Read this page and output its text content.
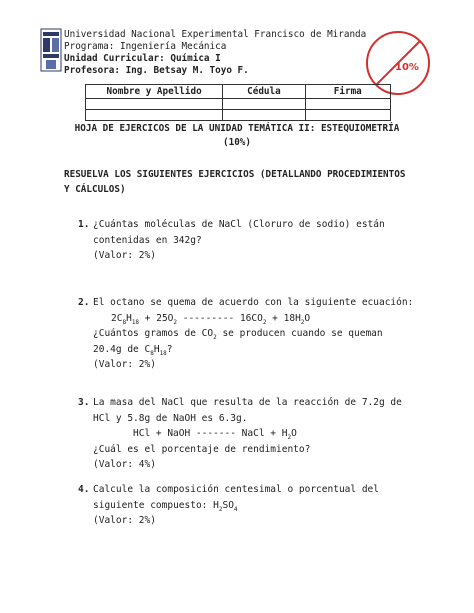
Universidad Nacional Experimental Francisco de Miranda
Programa: Ingeniería Mecánica
Unidad Curricular: Química I
Profesora: Ing. Betsay M. Toyo F.	10%
Nombre y Apellido	Cédula	Firma

HOJA DE EJERCICOS DE LA UNIDAD TEMÁTICA II: ESTEQUIOMETRÍA
(10%)
RESUELVA LOS SIGUIENTES EJERCICIOS (DETALLANDO PROCEDIMIENTOS Y CÁLCULOS)
1. ¿Cuántas moléculas de NaCl (Cloruro de sodio) están
contenidas en 342g?
(Valor: 2%)
2. El octano se quema de acuerdo con la siguiente ecuación:
$2C_8H_{18} + 25O_2$ --------- $16CO_2 + 18H_2O$
¿Cuántos gramos de $CO_2$ se producen cuando se queman
20.4g de $C_8H_{18}$?
(Valor: 2%)
3. La masa del NaCl que resulta de la reacción de 7.2g de
HCl y 5.8g de NaOH es 6.3g.
HCl + NaOH ------- NaCl + $H_2O$
¿Cuál es el porcentaje de rendimiento?
(Valor: 4%)
4. Calcule la composición centesimal o porcentual del
siguiente compuesto: $H_2SO_4$
(Valor: 2%)
